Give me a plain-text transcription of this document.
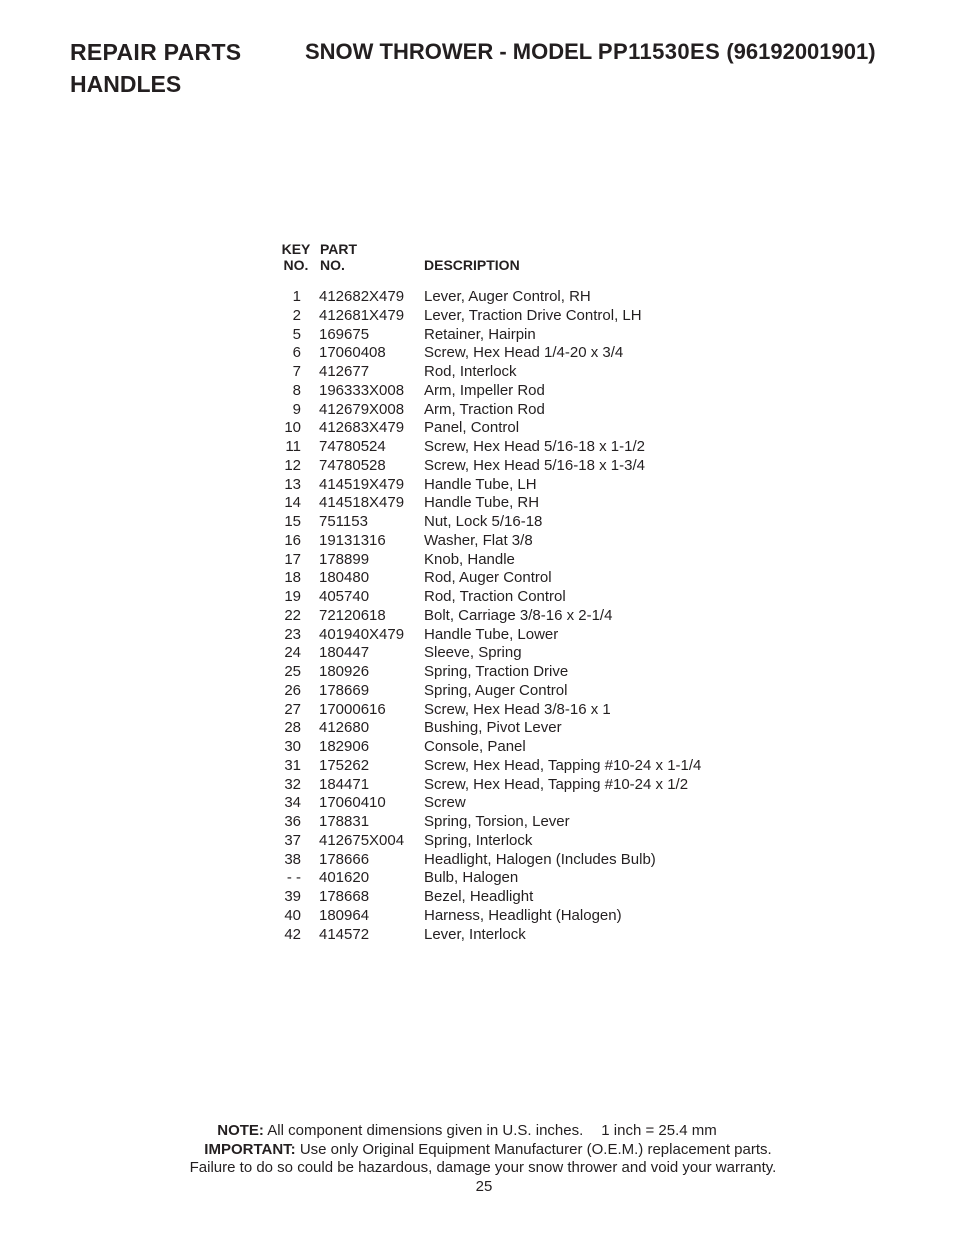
REPAIR PARTS	SNOW THROWER - MODEL PP11530ES (96192001901)
HANDLES
KEY
NO.
PART
NO.	DESCRIPTION
1 412682X479 Lever, Auger Control, RH
2 412681X479 Lever, Traction Drive Control, LH
5 169675	Retainer, Hairpin
6 17060408	Screw, Hex Head 1/4-20 x 3/4
7 412677	Rod, Interlock
8 196333X008 Arm, Impeller Rod
9 412679X008 Arm, Traction Rod
10 412683X479 Panel, Control
11 74780524	Screw, Hex Head 5/16-18 x 1-1/2
12 74780528	Screw, Hex Head 5/16-18 x 1-3/4
13 414519X479 Handle Tube, LH
14 414518X479 Handle Tube, RH
15 751153	Nut, Lock 5/16-18
16 19131316	Washer, Flat 3/8
17 178899	Knob, Handle
18 180480	Rod, Auger Control
19 405740	Rod, Traction Control
22 72120618	Bolt, Carriage 3/8-16 x 2-1/4
23 401940X479 Handle Tube, Lower
24 180447	Sleeve, Spring
25 180926	Spring, Traction Drive
26 178669	Spring, Auger Control
27 17000616	Screw, Hex Head 3/8-16 x 1
28 412680	Bushing, Pivot Lever
30 182906	Console, Panel
31 175262	Screw, Hex Head, Tapping #10-24 x 1-1/4
32 184471	Screw, Hex Head, Tapping #10-24 x 1/2
34 17060410	Screw
36 178831	Spring, Torsion, Lever
37 412675X004 Spring, Interlock
38 178666	Headlight, Halogen (Includes Bulb)
- - 401620	Bulb, Halogen
39 178668	Bezel, Headlight
40 180964	Harness, Headlight (Halogen)
42 414572	Lever, Interlock
NOTE: All component dimensions given in U.S. inches. 1 inch = 25.4 mm
IMPORTANT: Use only Original Equipment Manufacturer (O.E.M.) replacement parts.
Failure to do so could be hazardous, damage your snow thrower and void your warranty.
25
